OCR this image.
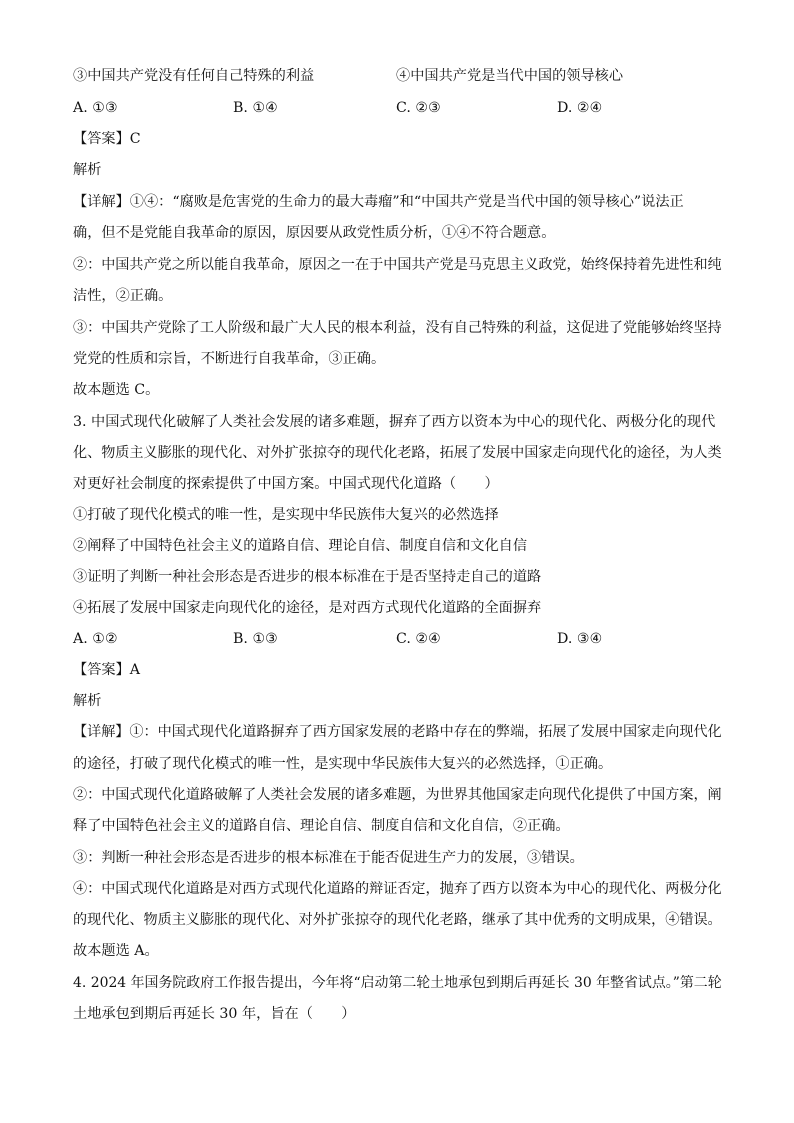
③中国共产党没有任何自己特殊的利益	④中国共产党是当代中国的领导核心
A. ①③	B. ①④	C. ②③	D. ②④
【答案】C
解析
【详解】①④：“腐败是危害党的生命力的最大毒瘤”和“中国共产党是当代中国的领导核心”说法正
确，但不是党能自我革命的原因，原因要从政党性质分析，①④不符合题意。
②：中国共产党之所以能自我革命，原因之一在于中国共产党是马克思主义政党，始终保持着先进性和纯
洁性，②正确。
③：中国共产党除了工人阶级和最广大人民的根本利益，没有自己特殊的利益，这促进了党能够始终坚持
党党的性质和宗旨，不断进行自我革命，③正确。
故本题选 C。
3. 中国式现代化破解了人类社会发展的诸多难题，摒弃了西方以资本为中心的现代化、两极分化的现代
化、物质主义膨胀的现代化、对外扩张掠夺的现代化老路，拓展了发展中国家走向现代化的途径，为人类
对更好社会制度的探索提供了中国方案。中国式现代化道路（　　）
①打破了现代化模式的唯一性，是实现中华民族伟大复兴的必然选择
②阐释了中国特色社会主义的道路自信、理论自信、制度自信和文化自信
③证明了判断一种社会形态是否进步的根本标准在于是否坚持走自己的道路
④拓展了发展中国家走向现代化的途径，是对西方式现代化道路的全面摒弃
A. ①②	B. ①③	C. ②④	D. ③④
【答案】A
解析
【详解】①：中国式现代化道路摒弃了西方国家发展的老路中存在的弊端，拓展了发展中国家走向现代化
的途径，打破了现代化模式的唯一性，是实现中华民族伟大复兴的必然选择，①正确。
②：中国式现代化道路破解了人类社会发展的诸多难题，为世界其他国家走向现代化提供了中国方案，阐
释了中国特色社会主义的道路自信、理论自信、制度自信和文化自信，②正确。
③：判断一种社会形态是否进步的根本标准在于能否促进生产力的发展，③错误。
④：中国式现代化道路是对西方式现代化道路的辩证否定，抛弃了西方以资本为中心的现代化、两极分化
的现代化、物质主义膨胀的现代化、对外扩张掠夺的现代化老路，继承了其中优秀的文明成果，④错误。
故本题选 A。
4. 2024 年国务院政府工作报告提出，今年将“启动第二轮土地承包到期后再延长 30 年整省试点。”第二轮
土地承包到期后再延长 30 年，旨在（　　）
